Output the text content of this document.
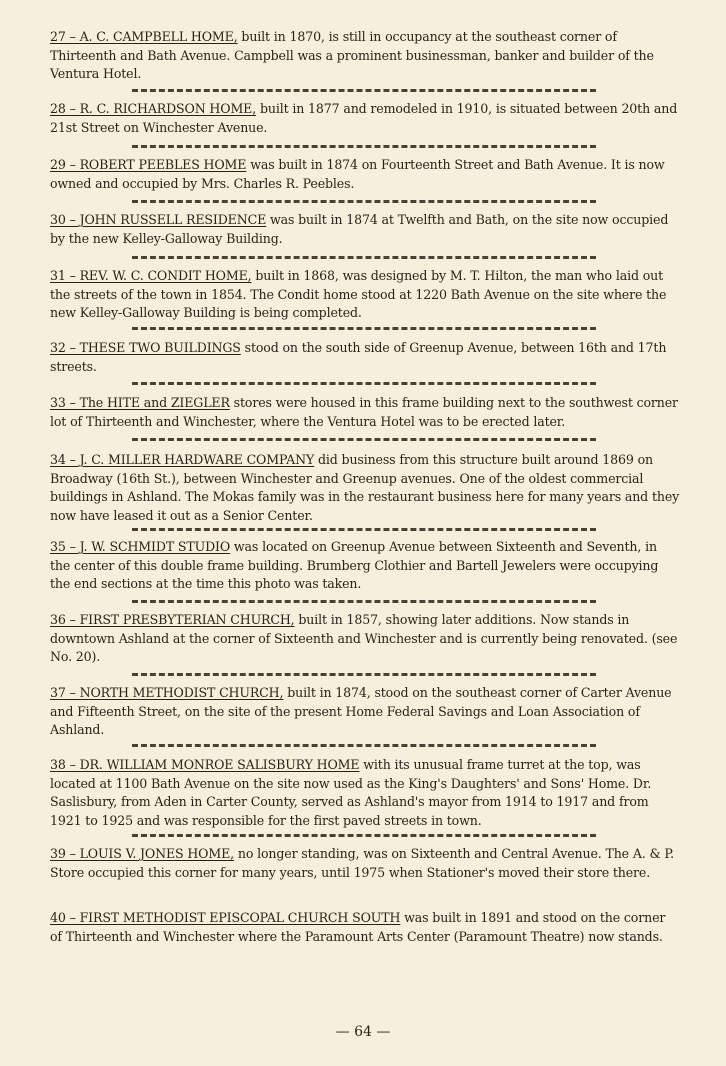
27 – A. C. CAMPBELL HOME, built in 1870, is still in occupancy at the southeast corner of Thirteenth and Bath Avenue. Campbell was a prominent businessman, banker and builder of the Ventura Hotel.
28 – R. C. RICHARDSON HOME, built in 1877 and remodeled in 1910, is situated between 20th and 21st Street on Winchester Avenue.
29 – ROBERT PEEBLES HOME was built in 1874 on Fourteenth Street and Bath Avenue. It is now owned and occupied by Mrs. Charles R. Peebles.
30 – JOHN RUSSELL RESIDENCE was built in 1874 at Twelfth and Bath, on the site now occupied by the new Kelley-Galloway Building.
31 – REV. W. C. CONDIT HOME, built in 1868, was designed by M. T. Hilton, the man who laid out the streets of the town in 1854. The Condit home stood at 1220 Bath Avenue on the site where the new Kelley-Galloway Building is being completed.
32 – THESE TWO BUILDINGS stood on the south side of Greenup Avenue, between 16th and 17th streets.
33 – The HITE and ZIEGLER stores were housed in this frame building next to the southwest corner lot of Thirteenth and Winchester, where the Ventura Hotel was to be erected later.
34 – J. C. MILLER HARDWARE COMPANY did business from this structure built around 1869 on Broadway (16th St.), between Winchester and Greenup avenues. One of the oldest commercial buildings in Ashland. The Mokas family was in the restaurant business here for many years and they now have leased it out as a Senior Center.
35 – J. W. SCHMIDT STUDIO was located on Greenup Avenue between Sixteenth and Seventh, in the center of this double frame building. Brumberg Clothier and Bartell Jewelers were occupying the end sections at the time this photo was taken.
36 – FIRST PRESBYTERIAN CHURCH, built in 1857, showing later additions. Now stands in downtown Ashland at the corner of Sixteenth and Winchester and is currently being renovated. (see No. 20).
37 – NORTH METHODIST CHURCH, built in 1874, stood on the southeast corner of Carter Avenue and Fifteenth Street, on the site of the present Home Federal Savings and Loan Association of Ashland.
38 – DR. WILLIAM MONROE SALISBURY HOME with its unusual frame turret at the top, was located at 1100 Bath Avenue on the site now used as the King's Daughters' and Sons' Home. Dr. Saslisbury, from Aden in Carter County, served as Ashland's mayor from 1914 to 1917 and from 1921 to 1925 and was responsible for the first paved streets in town.
39 – LOUIS V. JONES HOME, no longer standing, was on Sixteenth and Central Avenue. The A. & P. Store occupied this corner for many years, until 1975 when Stationer's moved their store there.
40 – FIRST METHODIST EPISCOPAL CHURCH SOUTH was built in 1891 and stood on the corner of Thirteenth and Winchester where the Paramount Arts Center (Paramount Theatre) now stands.
— 64 —
